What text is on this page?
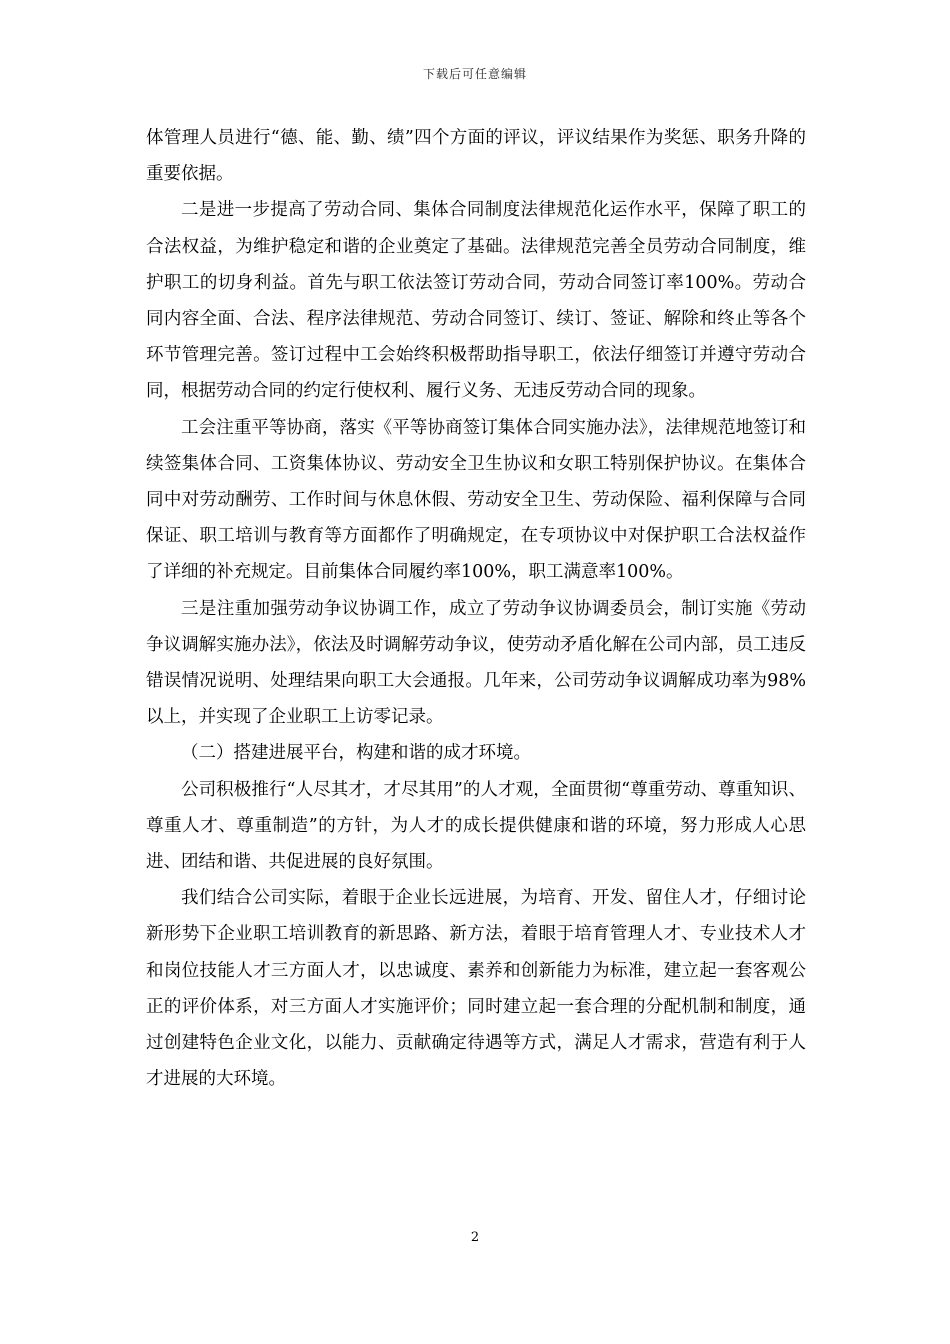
下载后可任意编辑

体管理人员进行“德、能、勤、绩”四个方面的评议，评议结果作为奖惩、职务升降的重要依据。

二是进一步提高了劳动合同、集体合同制度法律规范化运作水平，保障了职工的合法权益，为维护稳定和谐的企业奠定了基础。法律规范完善全员劳动合同制度，维护职工的切身利益。首先与职工依法签订劳动合同，劳动合同签订率100%。劳动合同内容全面、合法、程序法律规范、劳动合同签订、续订、签证、解除和终止等各个环节管理完善。签订过程中工会始终积极帮助指导职工，依法仔细签订并遵守劳动合同，根据劳动合同的约定行使权利、履行义务、无违反劳动合同的现象。

工会注重平等协商，落实《平等协商签订集体合同实施办法》，法律规范地签订和续签集体合同、工资集体协议、劳动安全卫生协议和女职工特别保护协议。在集体合同中对劳动酬劳、工作时间与休息休假、劳动安全卫生、劳动保险、福利保障与合同保证、职工培训与教育等方面都作了明确规定，在专项协议中对保护职工合法权益作了详细的补充规定。目前集体合同履约率100%，职工满意率100%。

三是注重加强劳动争议协调工作，成立了劳动争议协调委员会，制订实施《劳动争议调解实施办法》，依法及时调解劳动争议，使劳动矛盾化解在公司内部，员工违反错误情况说明、处理结果向职工大会通报。几年来，公司劳动争议调解成功率为98%以上，并实现了企业职工上访零记录。

（二）搭建进展平台，构建和谐的成才环境。

公司积极推行“人尽其才，才尽其用”的人才观，全面贯彻“尊重劳动、尊重知识、尊重人才、尊重制造”的方针，为人才的成长提供健康和谐的环境，努力形成人心思进、团结和谐、共促进展的良好氛围。

我们结合公司实际，着眼于企业长远进展，为培育、开发、留住人才，仔细讨论新形势下企业职工培训教育的新思路、新方法，着眼于培育管理人才、专业技术人才和岗位技能人才三方面人才，以忠诚度、素养和创新能力为标准，建立起一套客观公正的评价体系，对三方面人才实施评价；同时建立起一套合理的分配机制和制度，通过创建特色企业文化，以能力、贡献确定待遇等方式，满足人才需求，营造有利于人才进展的大环境。

2
